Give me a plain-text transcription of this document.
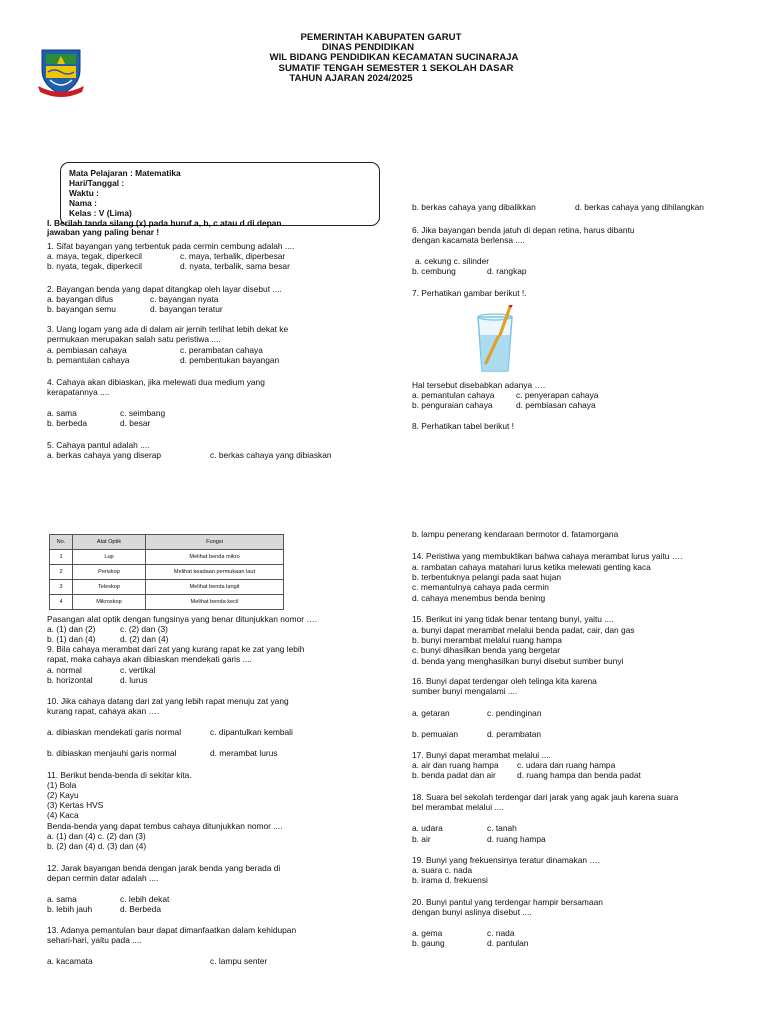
PEMERINTAH KABUPATEN GARUT
DINAS PENDIDIKAN
WIL BIDANG PENDIDIKAN KECAMATAN SUCINARAJA
SUMATIF TENGAH SEMESTER 1 SEKOLAH DASAR
TAHUN AJARAN 2024/2025
Mata Pelajaran : Matematika
Hari/Tanggal :
Waktu :
Nama :
Kelas : V (Lima)
I. Berilah tanda silang (x) pada huruf a, b, c atau d di depan
jawaban yang paling benar !
1. Sifat bayangan yang terbentuk pada cermin cembung adalah ....
a. maya, tegak, diperkecil	c. maya, terbalik, diperbesar
b. nyata, tegak, diperkecil	d. nyata, terbalik, sama besar
2. Bayangan benda yang dapat ditangkap oleh layar disebut ....
a. bayangan difus	c. bayangan nyata
b. bayangan semu	d. bayangan teratur
3. Uang logam yang ada di dalam air jernih terlihat lebih dekat ke
permukaan merupakan salah satu peristiwa ....
a. pembiasan cahaya	c. perambatan cahaya
b. pemantulan cahaya	d. pembentukan bayangan
4. Cahaya akan dibiaskan, jika melewati dua medium yang
kerapatannya ....
a. sama	c. seimbang
b. berbeda	d. besar
5. Cahaya pantul adalah ....
a. berkas cahaya yang diserap	c. berkas cahaya yang dibiaskan
No.	Alat Optik	Fungsi
1	Lup	Melihat benda mikro
2	Periskop	Melihat keadaan permukaan laut
3	Teleskop	Melihat benda langit
4	Mikroskop	Melihat benda kecil
Pasangan alat optik dengan fungsinya yang benar ditunjukkan nomor ….
a. (1) dan (2)	c. (2) dan (3)
b. (1) dan (4)	d. (2) dan (4)
9. Bila cahaya merambat dari zat yang kurang rapat ke zat yang lebih
rapat, maka cahaya akan dibiaskan mendekati garis ....
a. normal	c. vertikal
b. horizontal	d. lurus
10. Jika cahaya datang dari zat yang lebih rapat menuju zat yang
kurang rapat, cahaya akan ….
a. dibiaskan mendekati garis normal	c. dipantulkan kembali
b. dibiaskan menjauhi garis normal	d. merambat lurus
11. Berikut benda-benda di sekitar kita.
(1) Bola
(2) Kayu
(3) Kertas HVS
(4) Kaca
Benda-benda yang dapat tembus cahaya ditunjukkan nomor ....
a. (1) dan (4) c. (2) dan (3)
b. (2) dan (4) d. (3) dan (4)
12. Jarak bayangan benda dengan jarak benda yang berada di
depan cermin datar adalah ....
a. sama	c. lebih dekat
b. lebih jauh	d. Berbeda
13. Adanya pemantulan baur dapat dimanfaatkan dalam kehidupan
sehari-hari, yaitu pada ....
a. kacamata	c. lampu senter
b. berkas cahaya yang dibalikkan	d. berkas cahaya yang dihilangkan
6. Jika bayangan benda jatuh di depan retina, harus dibantu
dengan kacamata berlensa ....
a. cekung c. silinder
b. cembung	d. rangkap
7. Perhatikan gambar berikut !.
Hal tersebut disebabkan adanya ….
a. pemantulan cahaya	c. penyerapan cahaya
b. penguraian cahaya	d. pembiasan cahaya
8. Perhatikan tabel berikut !
b. lampu penerang kendaraan bermotor d. fatamorgana
14. Peristiwa yang membuktikan bahwa cahaya merambat lurus yaitu ….
a. rambatan cahaya matahari lurus ketika melewati genting kaca
b. terbentuknya pelangi pada saat hujan
c. memantulnya cahaya pada cermin
d. cahaya menembus benda bening
15. Berikut ini yang tidak benar tentang bunyi, yaitu ....
a. bunyi dapat merambat melalui benda padat, cair, dan gas
b. bunyi merambat melalui ruang hampa
c. bunyi dihasilkan benda yang bergetar
d. benda yang menghasilkan bunyi disebut sumber bunyi
16. Bunyi dapat terdengar oleh telinga kita karena
sumber bunyi mengalami ....
a. getaran	c. pendinginan
b. pemuaian	d. perambatan
17. Bunyi dapat merambat melalui ....
a. air dan ruang hampa c. udara dan ruang hampa
b. benda padat dan air	d. ruang hampa dan benda padat
18. Suara bel sekolah terdengar dari jarak yang agak jauh karena suara
bel merambat melalui ....
a. udara	c. tanah
b. air	d. ruang hampa
19. Bunyi yang frekuensinya teratur dinamakan ….
a. suara c. nada
b. irama d. frekuensi
20. Bunyi pantul yang terdengar hampir bersamaan
dengan bunyi aslinya disebut ....
a. gema	c. nada
b. gaung	d. pantulan
